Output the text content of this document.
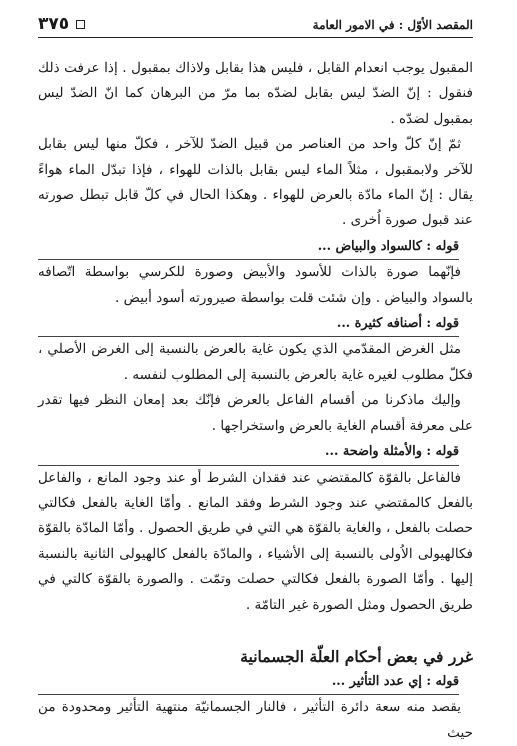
المقصد الأوّل : في الامور العامة
٣٧٥

المقبول يوجب انعدام القابل ، فليس هذا بقابل ولاذاك بمقبول . إذا عرفت ذلك فنقول : إنّ الضدّ ليس بقابل لضدّه بما مرّ من البرهان كما انّ الضدّ ليس بمقبول لضدّه .

ثمّ إنّ كلّ واحد من العناصر من قبيل الضدّ للآخر ، فكلّ منها ليس بقابل للآخر ولابمقبول ، مثلاً الماء ليس بقابل بالذات للهواء ، فإذا تبدّل الماء هواءً يقال : إنّ الماء مادّة بالعرض للهواء . وهكذا الحال في كلّ قابل تبطل صورته عند قبول صورة اُخرى .

قوله : كالسواد والبياض ...

فإنّهما صورة بالذات للأسود والأبيض وصورة للكرسي بواسطة اتّصافه بالسواد والبياض . وإن شئت قلت بواسطة صيرورته أسود أبيض .

قوله : أصنافه كثيرة ...

مثل الغرض المقدّمي الذي يكون غاية بالعرض بالنسبة إلى الغرض الأصلي ، فكلّ مطلوب لغيره غاية بالعرض بالنسبة إلى المطلوب لنفسه .

وإليك ماذكرنا من أقسام الفاعل بالعرض فإنّك بعد إمعان النظر فيها تقدر على معرفة أقسام الغاية بالعرض واستخراجها .

قوله : والأمثلة واضحة ...

فالفاعل بالقوّة كالمقتضي عند فقدان الشرط أو عند وجود المانع ، والفاعل بالفعل كالمقتضي عند وجود الشرط وفقد المانع . وأمّا الغاية بالفعل فكالتي حصلت بالفعل ، والغاية بالقوّة هي التي في طريق الحصول . وأمّا المادّة بالقوّة فكالهيولى الاُولى بالنسبة إلى الأشياء ، والمادّة بالفعل كالهيولى الثانية بالنسبة إليها . وأمّا الصورة بالفعل فكالتي حصلت وتمّت . والصورة بالقوّة كالتي في طريق الحصول ومثل الصورة غير التامّة .

غرر في بعض أحكام العلّة الجسمانية
قوله : إي عدد التأثير ...

يقصد منه سعة دائرة التأثير ، فالنار الجسمانيّة منتهية التأثير ومحدودة من حيث
